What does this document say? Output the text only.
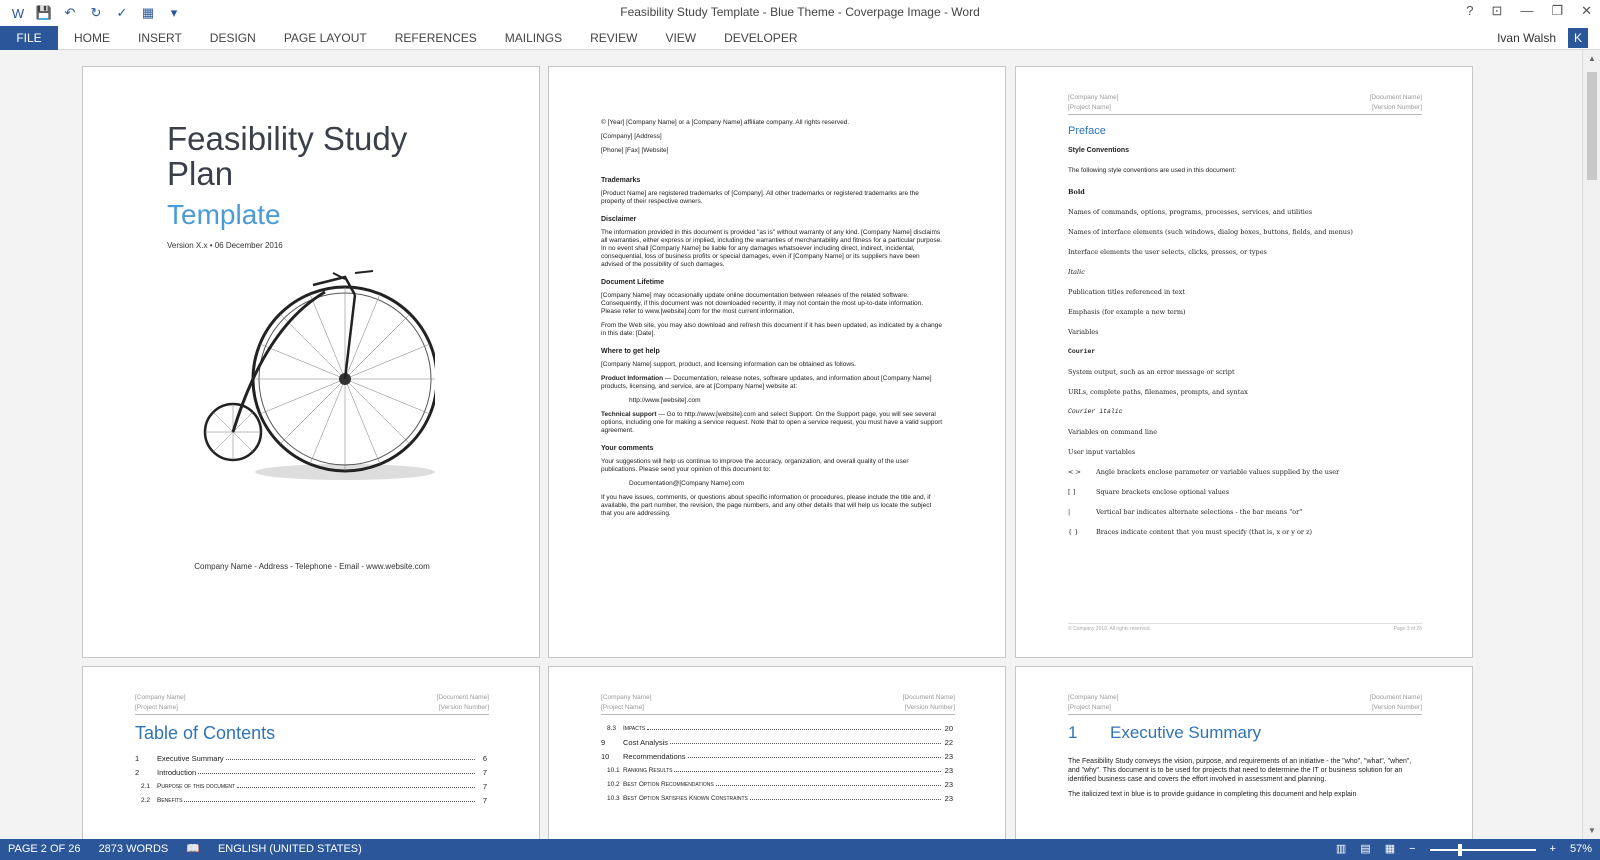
W 💾 ↶	↻	✓	▦	▾	Feasibility Study Template - Blue Theme - Coverpage Image - Word	? ⊡ — ❐ ✕
FILE	HOME	INSERT	DESIGN	PAGE LAYOUT	REFERENCES	MAILINGS	REVIEW	VIEW	DEVELOPER	Ivan Walsh	K
Feasibility Study Plan
Template
Version X.x • 06 December 2016
Company Name - Address - Telephone - Email - www.website.com

© [Year] [Company Name] or a [Company Name] affiliate company. All rights reserved.

[Company] [Address]

[Phone] [Fax] [Website]

Trademarks

[Product Name] are registered trademarks of [Company]. All other trademarks or registered trademarks are the property of their respective owners.

Disclaimer

The information provided in this document is provided "as is" without warranty of any kind. [Company Name] disclaims all warranties, either express or implied, including the warranties of merchantability and fitness for a particular purpose. In no event shall [Company Name] be liable for any damages whatsoever including direct, indirect, incidental, consequential, loss of business profits or special damages, even if [Company Name] or its suppliers have been advised of the possibility of such damages.

Document Lifetime

[Company Name] may occasionally update online documentation between releases of the related software. Consequently, if this document was not downloaded recently, it may not contain the most up-to-date information. Please refer to www.[website].com for the most current information.

From the Web site, you may also download and refresh this document if it has been updated, as indicated by a change in this date: [Date].

Where to get help

[Company Name] support, product, and licensing information can be obtained as follows.

Product Information — Documentation, release notes, software updates, and information about [Company Name] products, licensing, and service, are at [Company Name] website at:

http://www.[website].com

Technical support — Go to http://www.[website].com and select Support. On the Support page, you will see several options, including one for making a service request. Note that to open a service request, you must have a valid support agreement.

Your comments

Your suggestions will help us continue to improve the accuracy, organization, and overall quality of the user publications. Please send your opinion of this document to:

Documentation@[Company Name].com

If you have issues, comments, or questions about specific information or procedures, please include the title and, if available, the part number, the revision, the page numbers, and any other details that will help us locate the subject that you are addressing.

[Company Name]
[Project Name]
[Document Name]
[Version Number]
Preface
Style Conventions
The following style conventions are used in this document:
Bold
Names of commands, options, programs, processes, services, and utilities
Names of interface elements (such windows, dialog boxes, buttons, fields, and menus)
Interface elements the user selects, clicks, presses, or types
Italic
Publication titles referenced in text
Emphasis (for example a new term)
Variables
Courier
System output, such as an error message or script
URLs, complete paths, filenames, prompts, and syntax
Courier italic
Variables on command line
User input variables
< > Angle brackets enclose parameter or variable values supplied by the user
[ ]	Square brackets enclose optional values
|	Vertical bar indicates alternate selections - the bar means "or"
{ }	Braces indicate content that you must specify (that is, x or y or z)
© Company 2016. All rights reserved.	Page 3 of 26
[Company Name]
[Project Name]
[Document Name]
[Version Number]
Table of Contents
1	Executive Summary	6
2	Introduction	7
2.1	Purpose of this document	7
2.2	Benefits	7
[Company Name]
[Project Name]
[Document Name]
[Version Number]
8.3	Impacts	20
9	Cost Analysis	22
10	Recommendations	23
10.1 Ranking Results	23
10.2 Best Option Recommendations	23
10.3 Best Option Satisfies Known Constraints	23
[Company Name]
[Project Name]
[Document Name]
[Version Number]
1 Executive Summary

The Feasibility Study conveys the vision, purpose, and requirements of an initiative - the "who", "what", "when", and "why". This document is to be used for projects that need to determine the IT or business solution for an identified business case and covers the effort involved in assessment and planning.

The italicized text in blue is to provide guidance in completing this document and help explain

▲
▼
PAGE 2 OF 26 2873 WORDS 📖 ENGLISH (UNITED STATES)	▥ ▤ ▦ −	+ 57%
